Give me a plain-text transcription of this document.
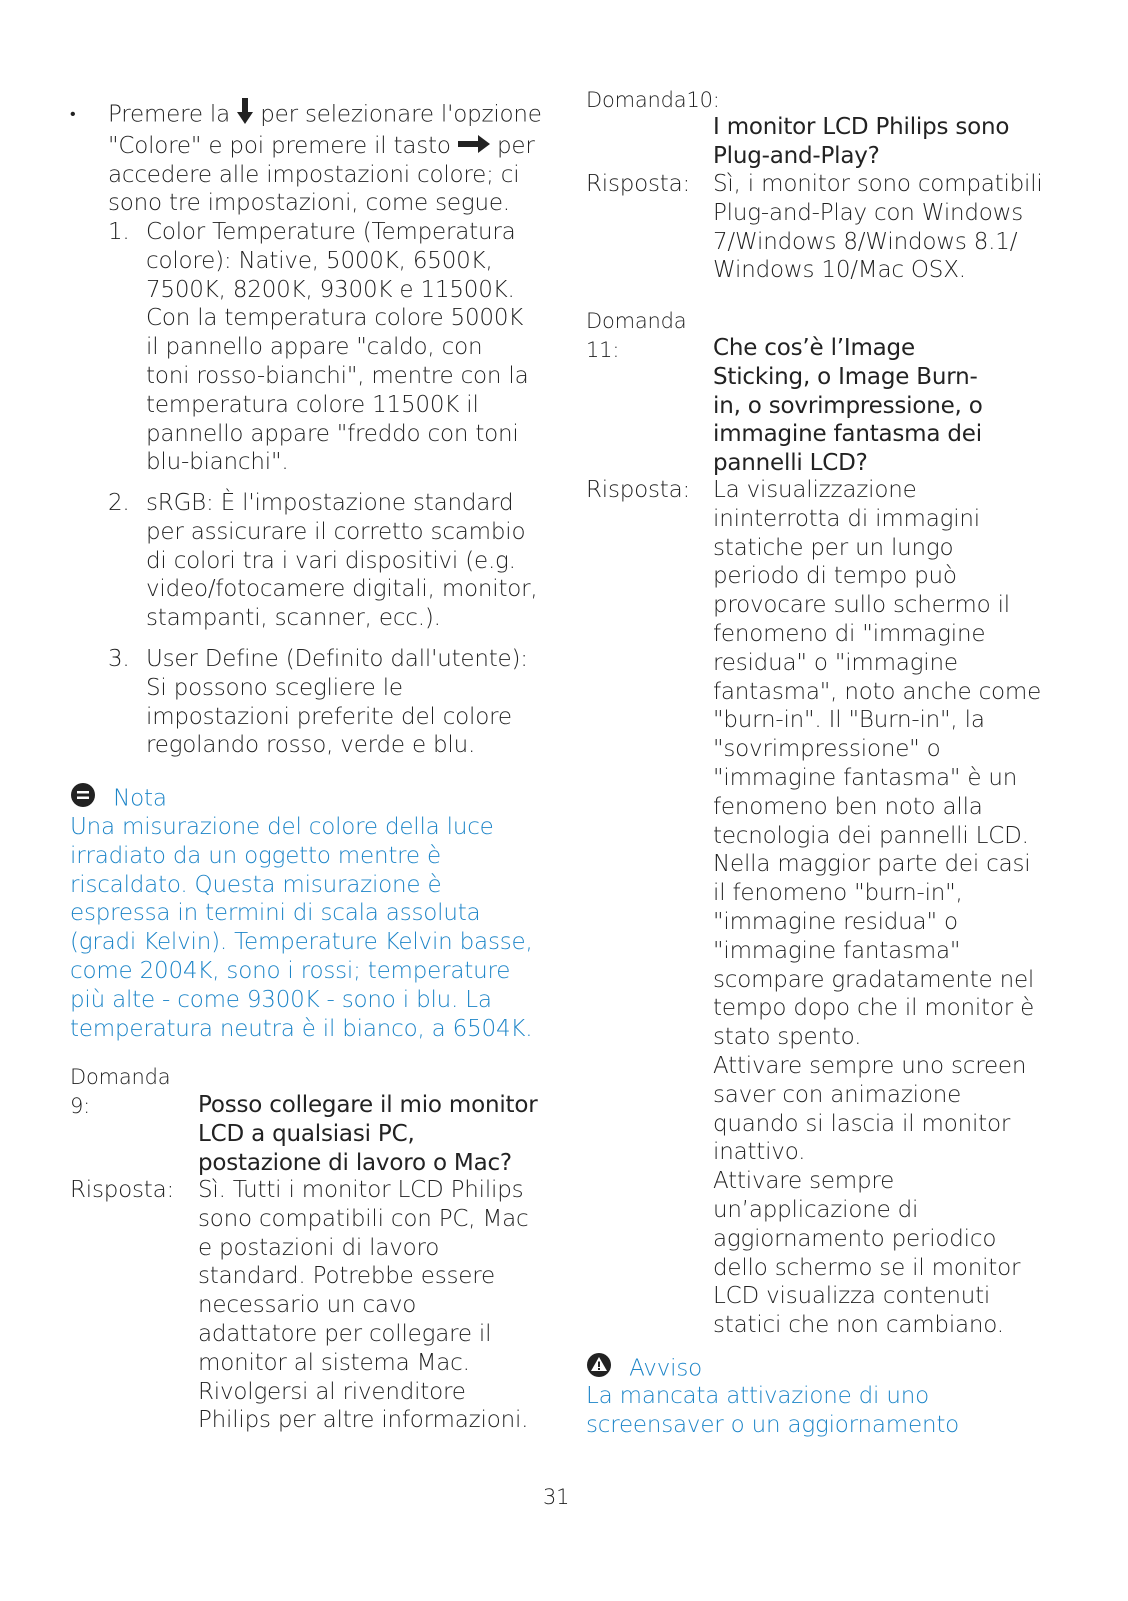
• Premere la per selezionare l'opzione
"Colore" e poi premere il tasto per
accedere alle impostazioni colore; ci
sono tre impostazioni, come segue.
1. Color Temperature (Temperatura colore): Native, 5000K, 6500K, 7500K, 8200K, 9300K e 11500K. Con la temperatura colore 5000K il pannello appare "caldo, con toni rosso-bianchi", mentre con la temperatura colore 11500K il pannello appare "freddo con toni blu-bianchi".

2. sRGB: È l'impostazione standard per assicurare il corretto scambio di colori tra i vari dispositivi (e.g. video/fotocamere digitali, monitor, stampanti, scanner, ecc.).

3. User Define (Definito dall'utente): Si possono scegliere le impostazioni preferite del colore regolando rosso, verde e blu.

Nota

Una misurazione del colore della luce irradiato da un oggetto mentre è riscaldato. Questa misurazione è espressa in termini di scala assoluta (gradi Kelvin). Temperature Kelvin basse, come 2004K, sono i rossi; temperature più alte - come 9300K - sono i blu. La temperatura neutra è il bianco, a 6504K.

Domanda 9:	Posso collegare il mio monitor LCD a qualsiasi PC, postazione di lavoro o Mac?

Risposta: Sì. Tutti i monitor LCD Philips sono compatibili con PC, Mac e postazioni di lavoro standard. Potrebbe essere necessario un cavo adattatore per collegare il monitor al sistema Mac. Rivolgersi al rivenditore Philips per altre informazioni.

Domanda10:

I monitor LCD Philips sono Plug-and-Play?

Risposta: Sì, i monitor sono compatibili Plug-and-Play con Windows 7/Windows 8/Windows 8.1/ Windows 10/Mac OSX.

Domanda 11:	Che cos’è l’Image Sticking, o Image Burn-in, o sovrimpressione, o immagine fantasma dei pannelli LCD?

Risposta: La visualizzazione ininterrotta di immagini statiche per un lungo periodo di tempo può provocare sullo schermo il fenomeno di "immagine residua" o "immagine fantasma", noto anche come "burn-in". Il "Burn-in", la "sovrimpressione" o "immagine fantasma" è un fenomeno ben noto alla tecnologia dei pannelli LCD. Nella maggior parte dei casi il fenomeno "burn-in", "immagine residua" o "immagine fantasma" scompare gradatamente nel tempo dopo che il monitor è stato spento.

Attivare sempre uno screen saver con animazione quando si lascia il monitor inattivo.

Attivare sempre un’applicazione di aggiornamento periodico dello schermo se il monitor LCD visualizza contenuti statici che non cambiano.

Avviso

La mancata attivazione di uno screensaver o un aggiornamento

31
